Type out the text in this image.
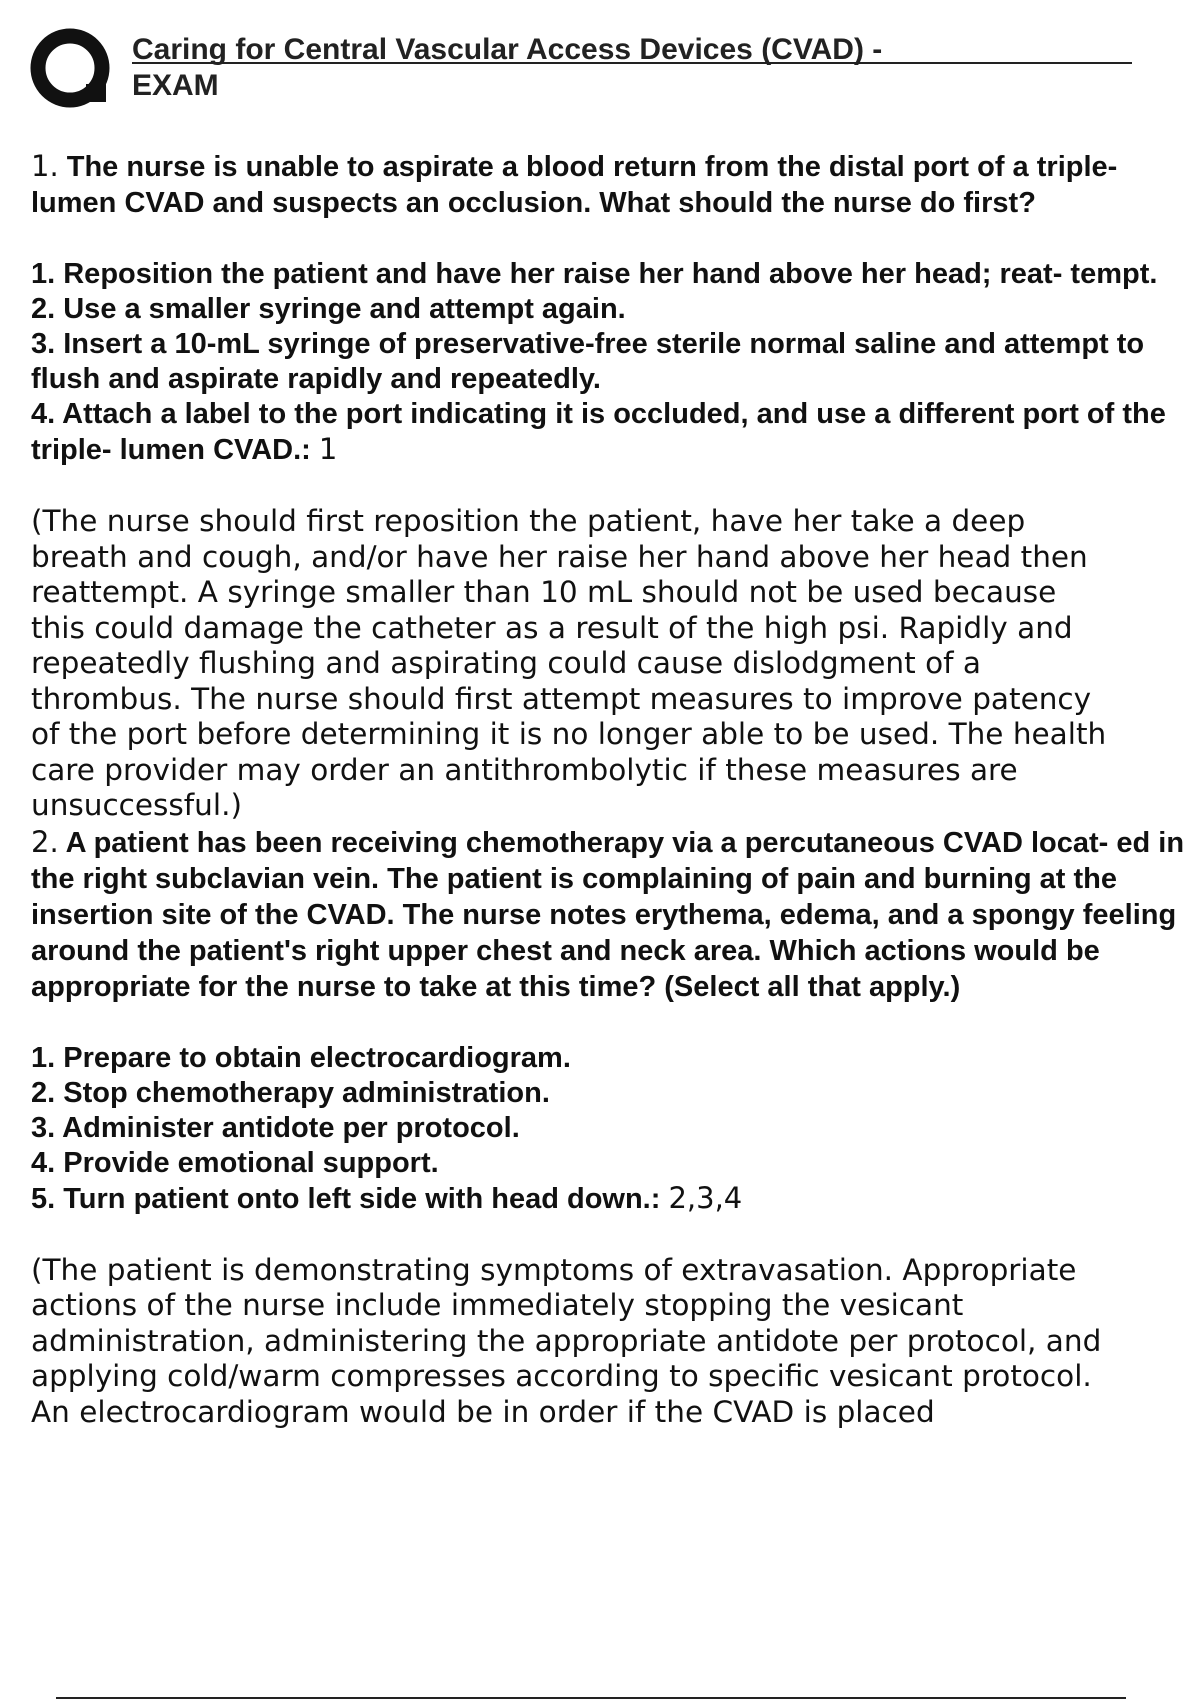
Caring for Central Vascular Access Devices (CVAD) -
EXAM
1. The nurse is unable to aspirate a blood return from the distal port of a triple-lumen CVAD and suspects an occlusion. What should the nurse do first?
1. Reposition the patient and have her raise her hand above her head; reat- tempt.
2. Use a smaller syringe and attempt again.
3. Insert a 10-mL syringe of preservative-free sterile normal saline and attempt to flush and aspirate rapidly and repeatedly.
4. Attach a label to the port indicating it is occluded, and use a different port of the triple- lumen CVAD.: 1
(The nurse should first reposition the patient, have her take a deep
breath and cough, and/or have her raise her hand above her head then
reattempt. A syringe smaller than 10 mL should not be used because
this could damage the catheter as a result of the high psi. Rapidly and
repeatedly flushing and aspirating could cause dislodgment of a
thrombus. The nurse should first attempt measures to improve patency
of the port before determining it is no longer able to be used. The health
care provider may order an antithrombolytic if these measures are
unsuccessful.)
2. A patient has been receiving chemotherapy via a percutaneous CVAD locat- ed in the right subclavian vein. The patient is complaining of pain and burning at the insertion site of the CVAD. The nurse notes erythema, edema, and a spongy feeling around the patient's right upper chest and neck area. Which actions would be appropriate for the nurse to take at this time? (Select all that apply.)
1. Prepare to obtain electrocardiogram.
2. Stop chemotherapy administration.
3. Administer antidote per protocol.
4. Provide emotional support.
5. Turn patient onto left side with head down.: 2,3,4
(The patient is demonstrating symptoms of extravasation. Appropriate
actions of the nurse include immediately stopping the vesicant
administration, administering the appropriate antidote per protocol, and
applying cold/warm compresses according to specific vesicant protocol.
An electrocardiogram would be in order if the CVAD is placed
